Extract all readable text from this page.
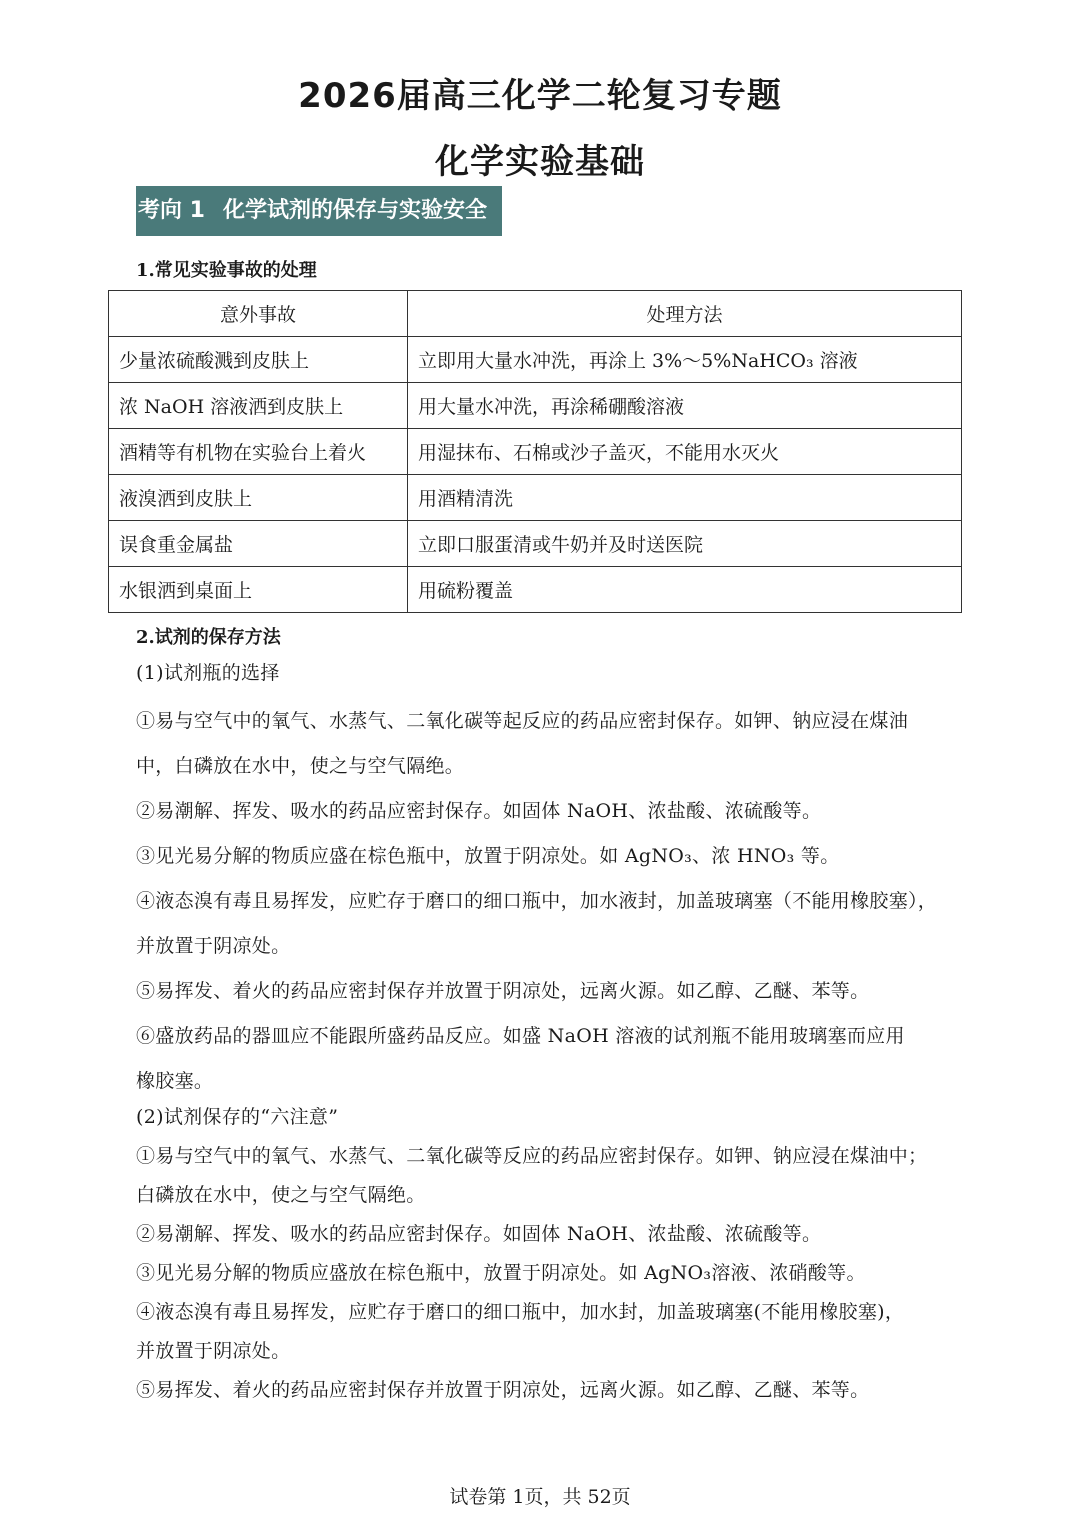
2026届高三化学二轮复习专题
化学实验基础
考向 1 化学试剂的保存与实验安全
1.常见实验事故的处理
意外事故	处理方法
少量浓硫酸溅到皮肤上	立即用大量水冲洗，再涂上 3%～5%NaHCO₃ 溶液
浓 NaOH 溶液洒到皮肤上	用大量水冲洗，再涂稀硼酸溶液
酒精等有机物在实验台上着火	用湿抹布、石棉或沙子盖灭，不能用水灭火
液溴洒到皮肤上	用酒精清洗
误食重金属盐	立即口服蛋清或牛奶并及时送医院
水银洒到桌面上	用硫粉覆盖
2.试剂的保存方法
(1)试剂瓶的选择
①易与空气中的氧气、水蒸气、二氧化碳等起反应的药品应密封保存。如钾、钠应浸在煤油
中，白磷放在水中，使之与空气隔绝。
②易潮解、挥发、吸水的药品应密封保存。如固体 NaOH、浓盐酸、浓硫酸等。
③见光易分解的物质应盛在棕色瓶中，放置于阴凉处。如 AgNO₃、浓 HNO₃ 等。
④液态溴有毒且易挥发，应贮存于磨口的细口瓶中，加水液封，加盖玻璃塞（不能用橡胶塞），
并放置于阴凉处。
⑤易挥发、着火的药品应密封保存并放置于阴凉处，远离火源。如乙醇、乙醚、苯等。
⑥盛放药品的器皿应不能跟所盛药品反应。如盛 NaOH 溶液的试剂瓶不能用玻璃塞而应用
橡胶塞。
(2)试剂保存的“六注意”
①易与空气中的氧气、水蒸气、二氧化碳等反应的药品应密封保存。如钾、钠应浸在煤油中；
白磷放在水中，使之与空气隔绝。
②易潮解、挥发、吸水的药品应密封保存。如固体 NaOH、浓盐酸、浓硫酸等。
③见光易分解的物质应盛放在棕色瓶中，放置于阴凉处。如 AgNO₃溶液、浓硝酸等。
④液态溴有毒且易挥发，应贮存于磨口的细口瓶中，加水封，加盖玻璃塞(不能用橡胶塞)，
并放置于阴凉处。
⑤易挥发、着火的药品应密封保存并放置于阴凉处，远离火源。如乙醇、乙醚、苯等。
试卷第 1页，共 52页
